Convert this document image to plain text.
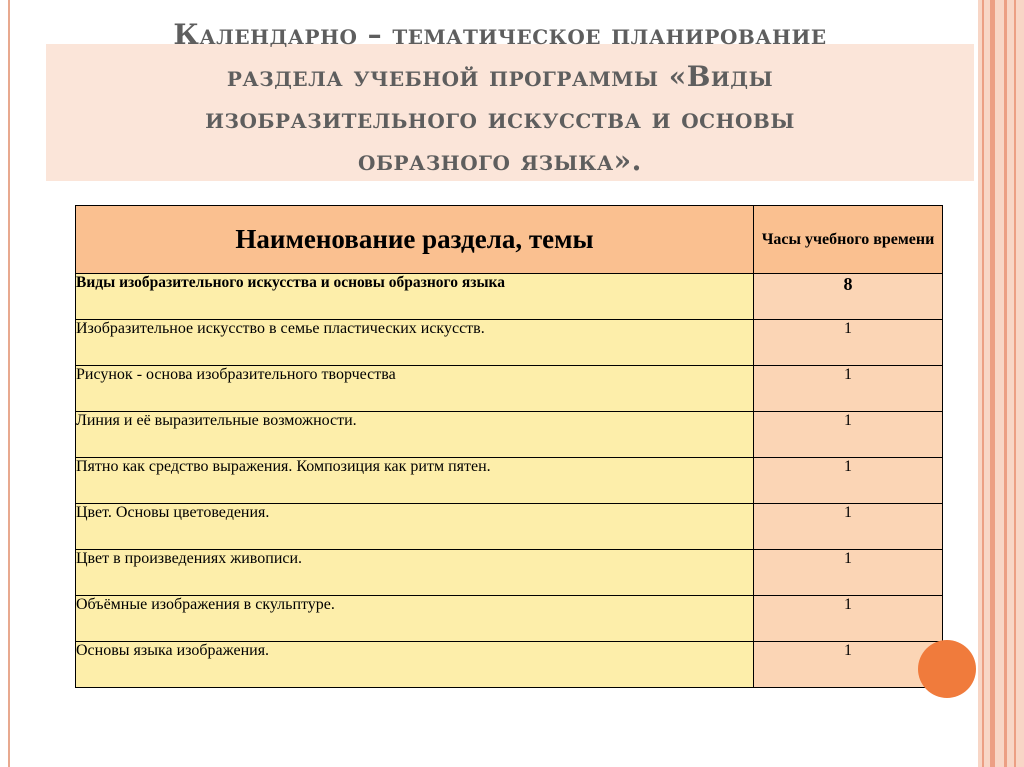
Календарно – тематическое планирование
раздела учебной программы «Виды
изобразительного искусства и основы
образного языка».
Наименование раздела, темы	Часы учебного времени
Виды изобразительного искусства и основы образного языка	8
Изобразительное искусство в семье пластических искусств.	1
Рисунок - основа изобразительного творчества	1
Линия и её выразительные возможности.	1
Пятно как средство выражения. Композиция как ритм пятен.	1
Цвет. Основы цветоведения.	1
Цвет в произведениях живописи.	1
Объёмные изображения в скульптуре.	1
Основы языка изображения.	1
